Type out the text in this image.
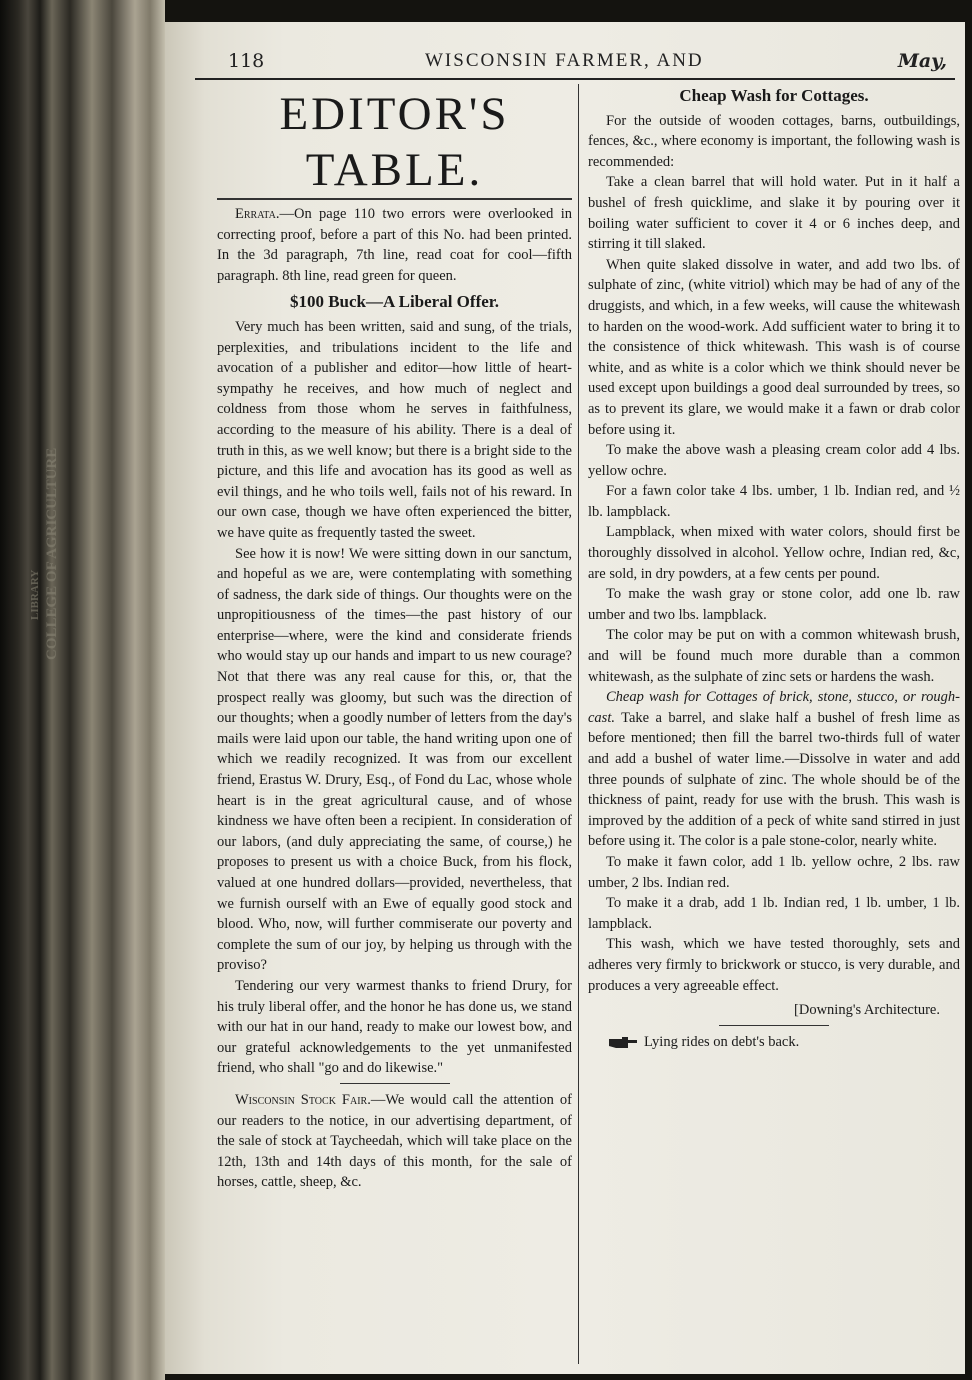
COLLEGE OF AGRICULTURE
LIBRARY
118	WISCONSIN FARMER, AND	May,
EDITOR'S TABLE.

Errata.—On page 110 two errors were overlooked in correcting proof, before a part of this No. had been printed. In the 3d paragraph, 7th line, read coat for cool—fifth paragraph. 8th line, read green for queen.

$100 Buck—A Liberal Offer.

Very much has been written, said and sung, of the trials, perplexities, and tribulations incident to the life and avocation of a publisher and editor—how little of heart-sympathy he receives, and how much of neglect and coldness from those whom he serves in faithfulness, according to the measure of his ability. There is a deal of truth in this, as we well know; but there is a bright side to the picture, and this life and avocation has its good as well as evil things, and he who toils well, fails not of his reward. In our own case, though we have often experienced the bitter, we have quite as frequently tasted the sweet.

See how it is now! We were sitting down in our sanctum, and hopeful as we are, were contemplating with something of sadness, the dark side of things. Our thoughts were on the unpropitiousness of the times—the past history of our enterprise—where, were the kind and considerate friends who would stay up our hands and impart to us new courage? Not that there was any real cause for this, or, that the prospect really was gloomy, but such was the direction of our thoughts; when a goodly number of letters from the day's mails were laid upon our table, the hand writing upon one of which we readily recognized. It was from our excellent friend, Erastus W. Drury, Esq., of Fond du Lac, whose whole heart is in the great agricultural cause, and of whose kindness we have often been a recipient. In consideration of our labors, (and duly appreciating the same, of course,) he proposes to present us with a choice Buck, from his flock, valued at one hundred dollars—provided, nevertheless, that we furnish ourself with an Ewe of equally good stock and blood. Who, now, will further commiserate our poverty and complete the sum of our joy, by helping us through with the proviso?

Tendering our very warmest thanks to friend Drury, for his truly liberal offer, and the honor he has done us, we stand with our hat in our hand, ready to make our lowest bow, and our grateful acknowledgements to the yet unmanifested friend, who shall "go and do likewise."

Wisconsin Stock Fair.—We would call the attention of our readers to the notice, in our advertising department, of the sale of stock at Taycheedah, which will take place on the 12th, 13th and 14th days of this month, for the sale of horses, cattle, sheep, &c.

Cheap Wash for Cottages.

For the outside of wooden cottages, barns, outbuildings, fences, &c., where economy is important, the following wash is recommended:

Take a clean barrel that will hold water. Put in it half a bushel of fresh quicklime, and slake it by pouring over it boiling water sufficient to cover it 4 or 6 inches deep, and stirring it till slaked.

When quite slaked dissolve in water, and add two lbs. of sulphate of zinc, (white vitriol) which may be had of any of the druggists, and which, in a few weeks, will cause the whitewash to harden on the wood-work. Add sufficient water to bring it to the consistence of thick whitewash. This wash is of course white, and as white is a color which we think should never be used except upon buildings a good deal surrounded by trees, so as to prevent its glare, we would make it a fawn or drab color before using it.

To make the above wash a pleasing cream color add 4 lbs. yellow ochre.

For a fawn color take 4 lbs. umber, 1 lb. Indian red, and ½ lb. lampblack.

Lampblack, when mixed with water colors, should first be thoroughly dissolved in alcohol. Yellow ochre, Indian red, &c, are sold, in dry powders, at a few cents per pound.

To make the wash gray or stone color, add one lb. raw umber and two lbs. lampblack.

The color may be put on with a common whitewash brush, and will be found much more durable than a common whitewash, as the sulphate of zinc sets or hardens the wash.

Cheap wash for Cottages of brick, stone, stucco, or rough-cast. Take a barrel, and slake half a bushel of fresh lime as before mentioned; then fill the barrel two-thirds full of water and add a bushel of water lime.—Dissolve in water and add three pounds of sulphate of zinc. The whole should be of the thickness of paint, ready for use with the brush. This wash is improved by the addition of a peck of white sand stirred in just before using it. The color is a pale stone-color, nearly white.

To make it fawn color, add 1 lb. yellow ochre, 2 lbs. raw umber, 2 lbs. Indian red.

To make it a drab, add 1 lb. Indian red, 1 lb. umber, 1 lb. lampblack.

This wash, which we have tested thoroughly, sets and adheres very firmly to brickwork or stucco, is very durable, and produces a very agreeable effect.

[Downing's Architecture.

Lying rides on debt's back.
